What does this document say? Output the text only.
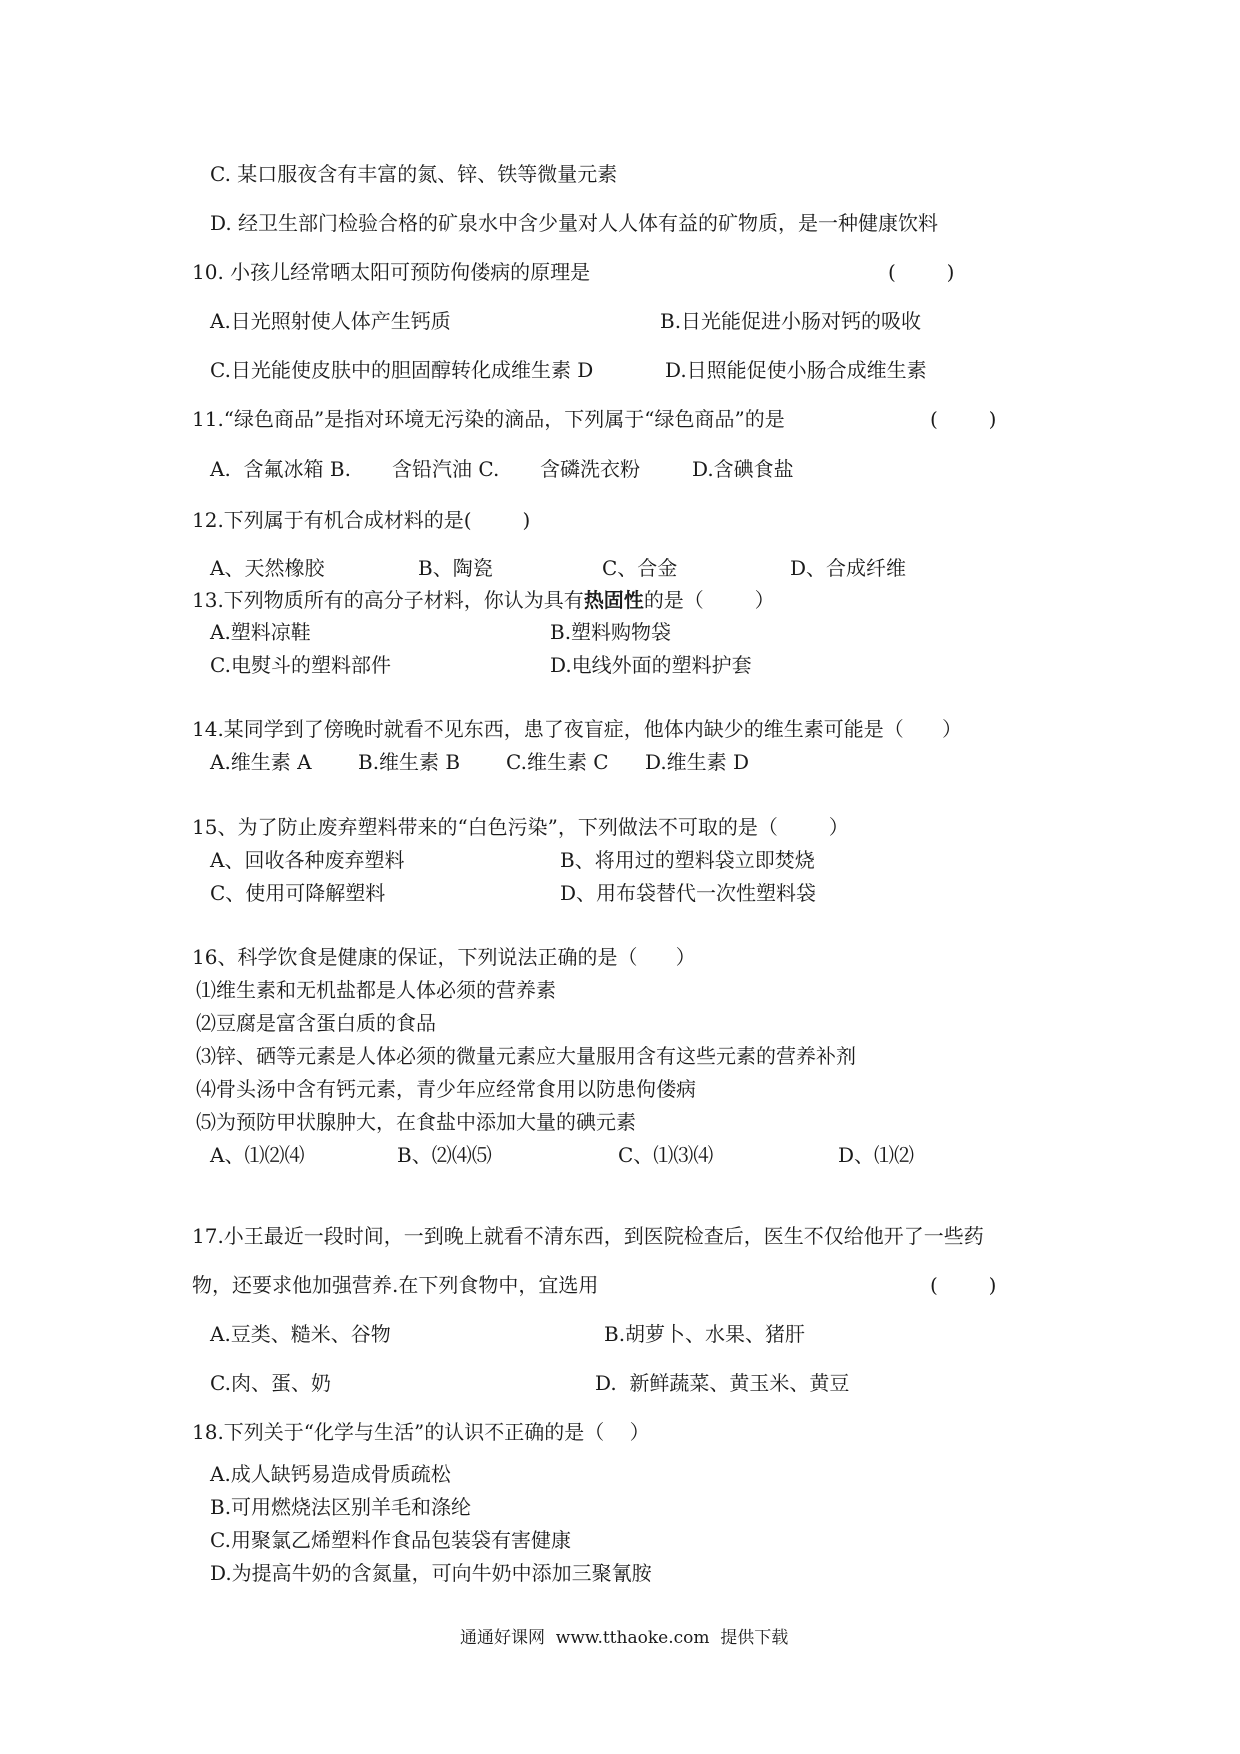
C. 某口服夜含有丰富的氮、锌、铁等微量元素
D. 经卫生部门检验合格的矿泉水中含少量对人人体有益的矿物质，是一种健康饮料
10. 小孩儿经常晒太阳可预防佝偻病的原理是	(        )
A.日光照射使人体产生钙质	B.日光能促进小肠对钙的吸收
C.日光能使皮肤中的胆固醇转化成维生素 D	D.日照能促使小肠合成维生素
11.“绿色商品”是指对环境无污染的滴品，下列属于“绿色商品”的是	(        )
A.  含氟冰箱 B. 含铅汽油 C. 含磷洗衣粉	D.含碘食盐
12.下列属于有机合成材料的是(        )
A、天然橡胶	B、陶瓷	C、合金	D、合成纤维
13.下列物质所有的高分子材料，你认为具有热固性的是（        ）
A.塑料凉鞋	B.塑料购物袋
C.电熨斗的塑料部件	D.电线外面的塑料护套
14.某同学到了傍晚时就看不见东西，患了夜盲症，他体内缺少的维生素可能是（      ）
A.维生素 A B.维生素 B C.维生素 C D.维生素 D
15、为了防止废弃塑料带来的“白色污染”，下列做法不可取的是（        ）
A、回收各种废弃塑料	B、将用过的塑料袋立即焚烧
C、使用可降解塑料	D、用布袋替代一次性塑料袋
16、科学饮食是健康的保证，下列说法正确的是（      ）
⑴维生素和无机盐都是人体必须的营养素
⑵豆腐是富含蛋白质的食品
⑶锌、硒等元素是人体必须的微量元素应大量服用含有这些元素的营养补剂
⑷骨头汤中含有钙元素，青少年应经常食用以防患佝偻病
⑸为预防甲状腺肿大，在食盐中添加大量的碘元素
A、⑴⑵⑷	B、⑵⑷⑸	C、⑴⑶⑷	D、⑴⑵
17.小王最近一段时间，一到晚上就看不清东西，到医院检查后，医生不仅给他开了一些药
物，还要求他加强营养.在下列食物中，宜选用	(        )
A.豆类、糙米、谷物	B.胡萝卜、水果、猪肝
C.肉、蛋、奶	D.  新鲜蔬菜、黄玉米、黄豆
18.下列关于“化学与生活”的认识不正确的是（    ）
A.成人缺钙易造成骨质疏松
B.可用燃烧法区别羊毛和涤纶
C.用聚氯乙烯塑料作食品包装袋有害健康
D.为提高牛奶的含氮量，可向牛奶中添加三聚氰胺
通通好课网  www.tthaoke.com  提供下载
